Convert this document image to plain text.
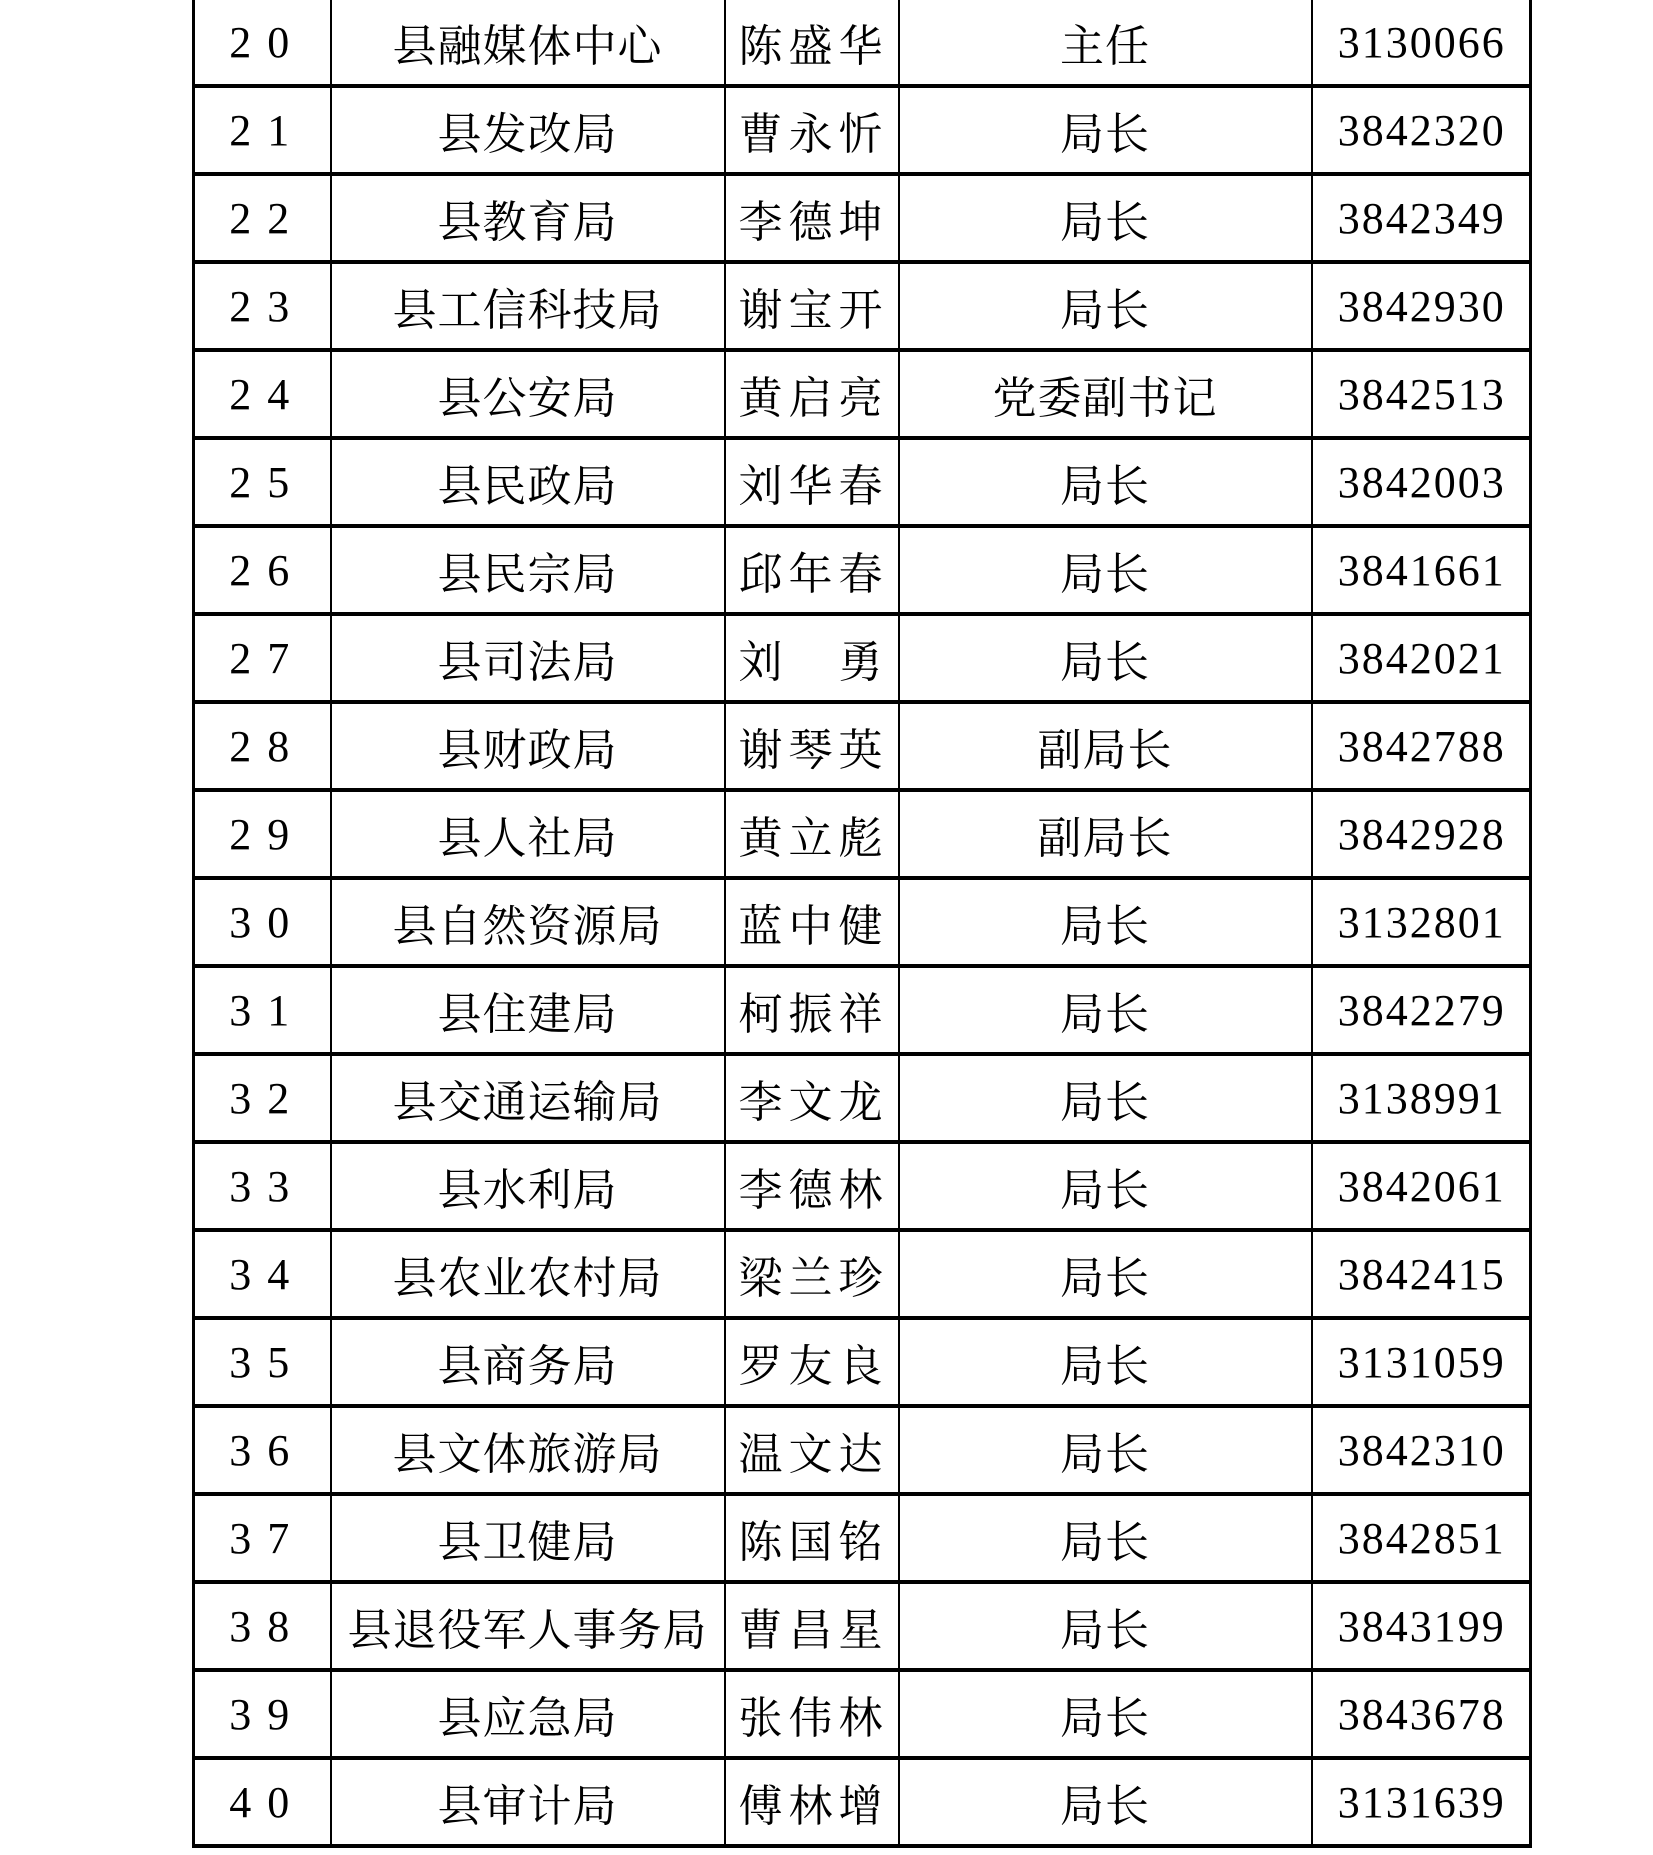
20	县融媒体中心	陈盛华	主任	3130066
21	县发改局	曹永忻	局长	3842320
22	县教育局	李德坤	局长	3842349
23	县工信科技局	谢宝开	局长	3842930
24	县公安局	黄启亮	党委副书记	3842513
25	县民政局	刘华春	局长	3842003
26	县民宗局	邱年春	局长	3841661
27	县司法局	刘　勇	局长	3842021
28	县财政局	谢琴英	副局长	3842788
29	县人社局	黄立彪	副局长	3842928
30	县自然资源局	蓝中健	局长	3132801
31	县住建局	柯振祥	局长	3842279
32	县交通运输局	李文龙	局长	3138991
33	县水利局	李德林	局长	3842061
34	县农业农村局	梁兰珍	局长	3842415
35	县商务局	罗友良	局长	3131059
36	县文体旅游局	温文达	局长	3842310
37	县卫健局	陈国铭	局长	3842851
38	县退役军人事务局	曹昌星	局长	3843199
39	县应急局	张伟林	局长	3843678
40	县审计局	傅林增	局长	3131639
